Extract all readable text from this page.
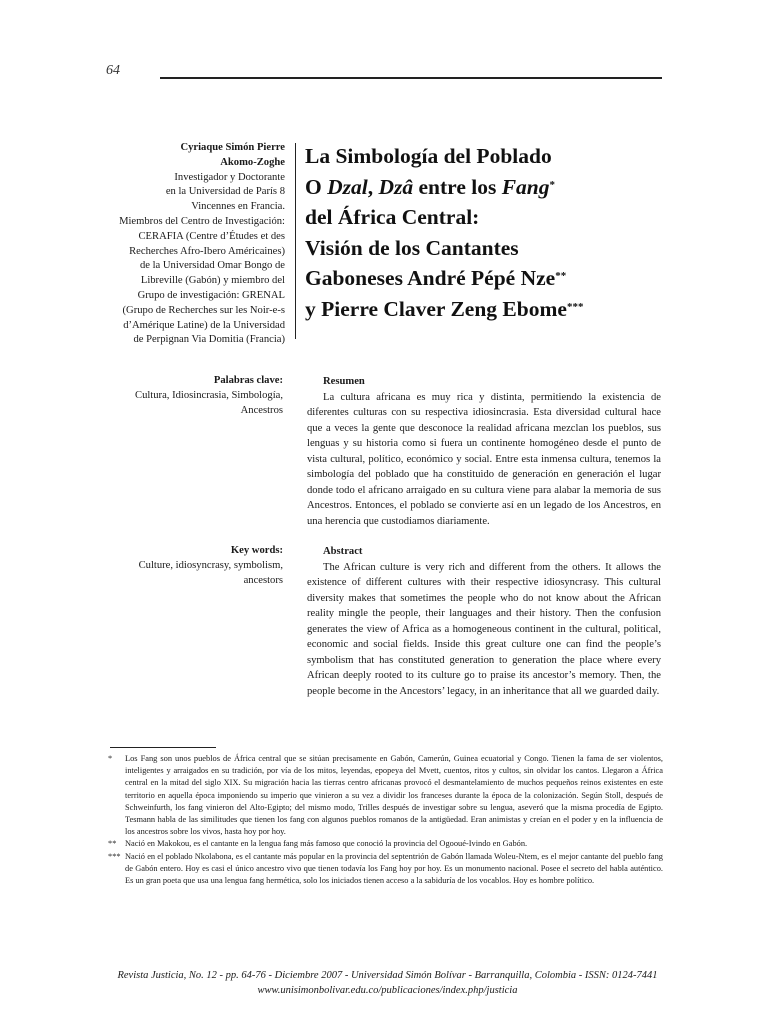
64
Cyriaque Simón Pierre
Akomo-Zoghe
Investigador y Doctorante
en la Universidad de París 8
Vincennes en Francia.
Miembros del Centro de Investigación:
CERAFIA (Centre d’Études et des
Recherches Afro-Ibero Américaines)
de la Universidad Omar Bongo de
Libreville (Gabón) y miembro del
Grupo de investigación: GRENAL
(Grupo de Recherches sur les Noir-e-s
d’Amérique Latine) de la Universidad
de Perpignan Via Domitia (Francia)
La Simbología del Poblado
O Dzal, Dzâ entre los Fang*
del África Central:
Visión de los Cantantes
Gaboneses André Pépé Nze**
y Pierre Claver Zeng Ebome***
Palabras clave:
Cultura, Idiosincrasia, Simbología,
Ancestros
Resumen

La cultura africana es muy rica y distinta, permitiendo la existencia de diferentes culturas con su respectiva idiosincrasia. Esta diversidad cultural hace que a veces la gente que desconoce la realidad africana mezclan los pueblos, sus lenguas y su historia como si fuera un continente homogéneo desde el punto de vista cultural, político, económico y social. Entre esta inmensa cultura, tenemos la simbología del poblado que ha constituido de generación en generación el lugar donde todo el africano arraigado en su cultura viene para alabar la memoria de sus Ancestros. Entonces, el poblado se convierte así en un legado de los Ancestros, en una herencia que custodiamos diariamente.

Key words:
Culture, idiosyncrasy, symbolism,
ancestors
Abstract

The African culture is very rich and different from the others. It allows the existence of different cultures with their respective idiosyncrasy. This cultural diversity makes that sometimes the people who do not know about the African reality mingle the people, their languages and their history. Then the confusion generates the view of Africa as a homogeneous continent in the cultural, political, economic and social fields. Inside this great culture one can find the people’s symbolism that has constituted generation to generation the place where every African deeply rooted to its culture go to praise its ancestor’s memory. Then, the people become in the Ancestors’ legacy, in an inheritance that all we guarded daily.

* Los Fang son unos pueblos de África central que se sitúan precisamente en Gabón, Camerún, Guinea ecuatorial y Congo. Tienen la fama de ser violentos, inteligentes y arraigados en su tradición, por vía de los mitos, leyendas, epopeya del Mvett, cuentos, ritos y cultos, sin olvidar los cantos. Llegaron a África central en la mitad del siglo XIX. Su migración hacia las tierras centro africanas provocó el desmantelamiento de muchos pequeños reinos existentes en este territorio en aquella época imponiendo su imperio que vinieron a su vez a dividir los franceses durante la época de la colonización. Según Stoll, después de Schweinfurth, los fang vinieron del Alto-Egipto; del mismo modo, Trilles después de investigar sobre su lengua, aseveró que la misma procedía de Egipto. Tesmann habla de las similitudes que tienen los fang con algunos pueblos romanos de la antigüedad. Eran animistas y creían en el poder y en la influencia de los ancestros sobre los vivos, hasta hoy por hoy.

** Nació en Makokou, es el cantante en la lengua fang más famoso que conoció la provincia del Ogooué-Ivindo en Gabón.

*** Nació en el poblado Nkolabona, es el cantante más popular en la provincia del septentrión de Gabón llamada Woleu-Ntem, es el mejor cantante del pueblo fang de Gabón entero. Hoy es casi el único ancestro vivo que tienen todavía los Fang hoy por hoy. Es un monumento nacional. Posee el secreto del habla auténtico. Es un gran poeta que usa una lengua fang hermética, solo los iniciados tienen acceso a la sabiduría de los vocablos. Hoy es hombre político.

Revista Justicia, No. 12 - pp. 64-76 - Diciembre 2007 - Universidad Simón Bolívar - Barranquilla, Colombia - ISSN: 0124-7441
www.unisimonbolivar.edu.co/publicaciones/index.php/justicia
